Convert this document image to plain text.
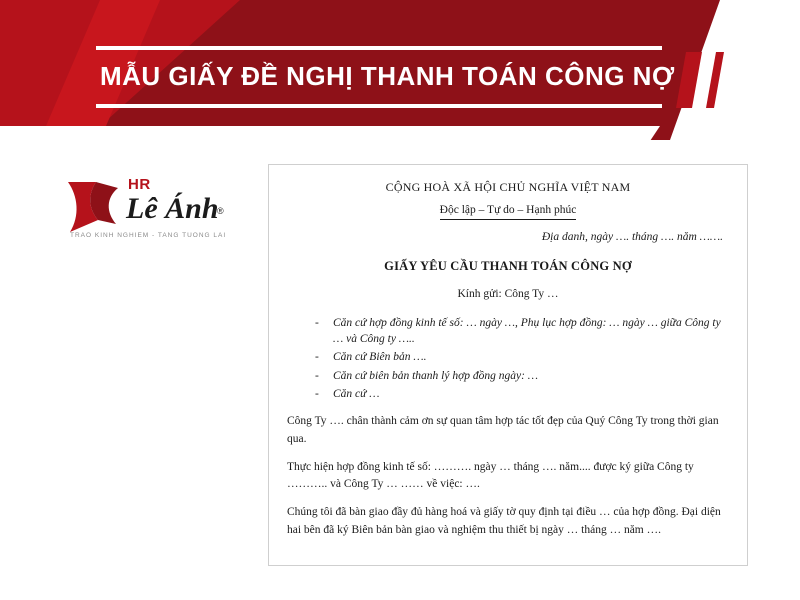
MẪU GIẤY ĐỀ NGHỊ THANH TOÁN CÔNG NỢ
HR
Lê Ánh
®
TRAO KINH NGHIEM - TANG TUONG LAI
CỘNG HOÀ XÃ HỘI CHỦ NGHĨA VIỆT NAM
Độc lập – Tự do – Hạnh phúc
Địa danh, ngày …. tháng …. năm …….
GIẤY YÊU CẦU THANH TOÁN CÔNG NỢ
Kính gửi: Công Ty …
- Căn cứ hợp đồng kinh tế số: … ngày …, Phụ lục hợp đồng: … ngày … giữa Công ty … và Công ty …..
- Căn cứ Biên bản ….
- Căn cứ biên bản thanh lý hợp đồng ngày: …
- Căn cứ …
Công Ty …. chân thành cảm ơn sự quan tâm hợp tác tốt đẹp của Quý Công Ty trong thời gian qua.
Thực hiện hợp đồng kinh tế số: ………. ngày … tháng …. năm.... được ký giữa Công ty ……….. và Công Ty … …… về việc: ….
Chúng tôi đã bàn giao đầy đủ hàng hoá và giấy tờ quy định tại điều … của hợp đồng. Đại diện hai bên đã ký Biên bản bàn giao và nghiệm thu thiết bị ngày … tháng … năm ….
